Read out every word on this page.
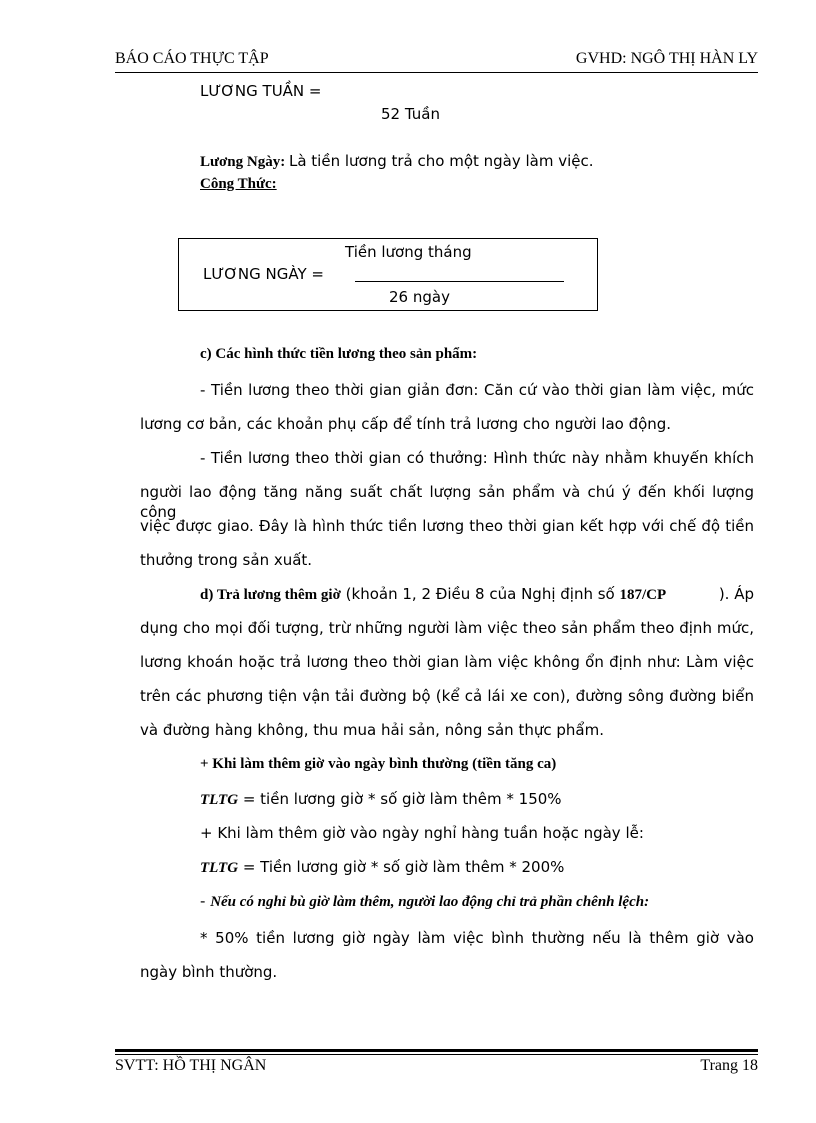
BÁO CÁO THỰC TẬP	GVHD: NGÔ THỊ HÀN LY
LƯƠNG TUẦN =
52 Tuần
Lương Ngày: Là tiền lương trả cho một ngày làm việc.
Công Thức:
Tiền lương tháng
LƯƠNG NGÀY =
26 ngày
c) Các hình thức tiền lương theo sản phẩm:
- Tiền lương theo thời gian giản đơn: Căn cứ vào thời gian làm việc, mức
lương cơ bản, các khoản phụ cấp để tính trả lương cho người lao động.
- Tiền lương theo thời gian có thưởng: Hình thức này nhằm khuyến khích
người lao động tăng năng suất chất lượng sản phẩm và chú ý đến khối lượng công
việc được giao. Đây là hình thức tiền lương theo thời gian kết hợp với chế độ tiền
thưởng trong sản xuất.
d) Trả lương thêm giờ (khoản 1, 2 Điều 8 của Nghị định số 187/CP	). Áp
dụng cho mọi đối tượng, trừ những người làm việc theo sản phẩm theo định mức,
lương khoán hoặc trả lương theo thời gian làm việc không ổn định như: Làm việc
trên các phương tiện vận tải đường bộ (kể cả lái xe con), đường sông đường biển
và đường hàng không, thu mua hải sản, nông sản thực phẩm.
+ Khi làm thêm giờ vào ngày bình thường (tiền tăng ca)
TLTG = tiền lương giờ * số giờ làm thêm * 150%
+ Khi làm thêm giờ vào ngày nghỉ hàng tuần hoặc ngày lễ:
TLTG = Tiền lương giờ * số giờ làm thêm * 200%
- Nếu có nghỉ bù giờ làm thêm, người lao động chỉ trả phần chênh lệch:
* 50% tiền lương giờ ngày làm việc bình thường nếu là thêm giờ vào
ngày bình thường.
SVTT: HỒ THỊ NGÂN	Trang 18
